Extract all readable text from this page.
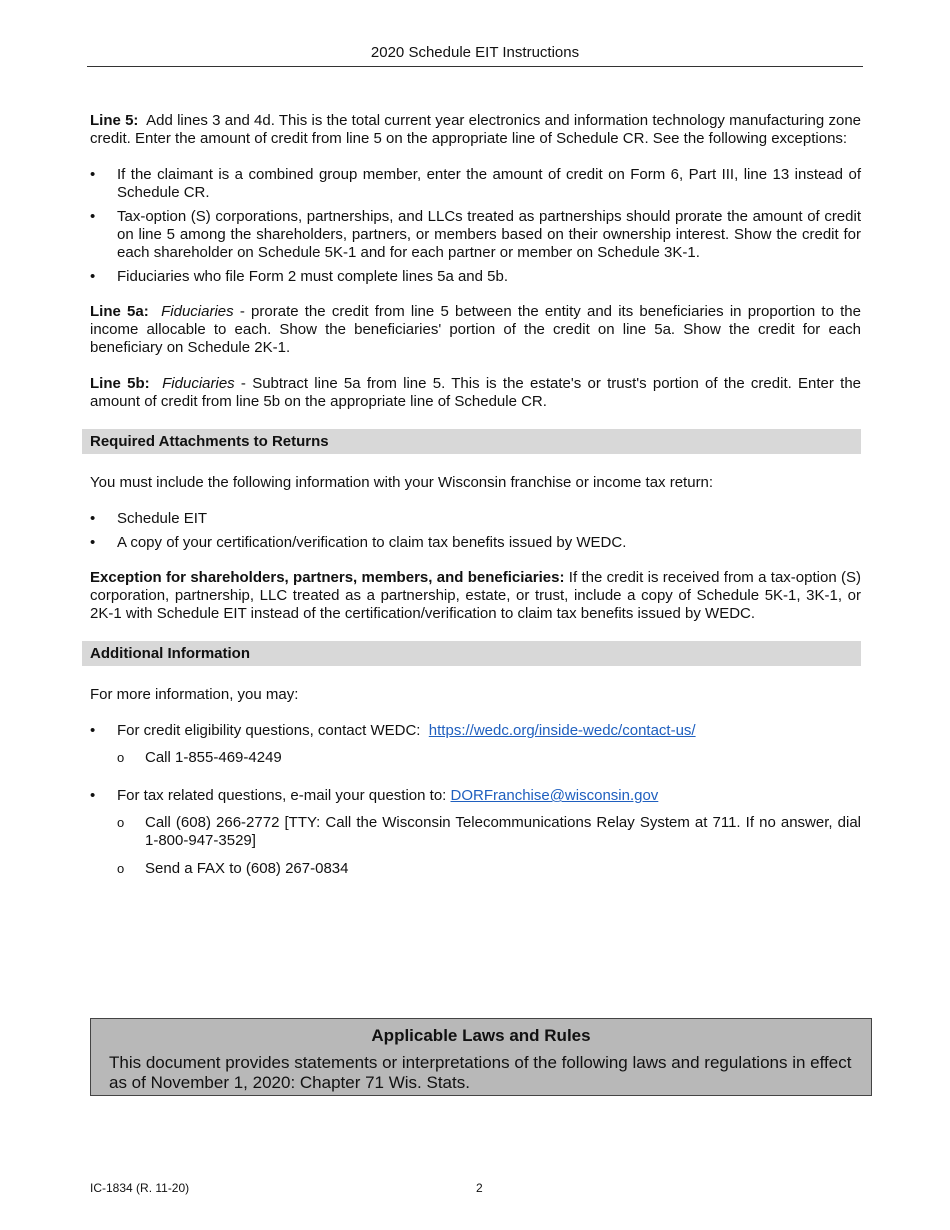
2020 Schedule EIT Instructions

Line 5: Add lines 3 and 4d. This is the total current year electronics and information technology manufacturing zone credit. Enter the amount of credit from line 5 on the appropriate line of Schedule CR. See the following exceptions:

•	If the claimant is a combined group member, enter the amount of credit on Form 6, Part III, line 13 instead of Schedule CR.
•	Tax-option (S) corporations, partnerships, and LLCs treated as partnerships should prorate the amount of credit on line 5 among the shareholders, partners, or members based on their ownership interest. Show the credit for each shareholder on Schedule 5K-1 and for each partner or member on Schedule 3K-1.
•	Fiduciaries who file Form 2 must complete lines 5a and 5b.

Line 5a: Fiduciaries - prorate the credit from line 5 between the entity and its beneficiaries in proportion to the income allocable to each. Show the beneficiaries' portion of the credit on line 5a. Show the credit for each beneficiary on Schedule 2K-1.

Line 5b: Fiduciaries - Subtract line 5a from line 5. This is the estate's or trust's portion of the credit. Enter the amount of credit from line 5b on the appropriate line of Schedule CR.

Required Attachments to Returns

You must include the following information with your Wisconsin franchise or income tax return:

•	Schedule EIT
•	A copy of your certification/verification to claim tax benefits issued by WEDC.

Exception for shareholders, partners, members, and beneficiaries: If the credit is received from a tax-option (S) corporation, partnership, LLC treated as a partnership, estate, or trust, include a copy of Schedule 5K-1, 3K-1, or 2K-1 with Schedule EIT instead of the certification/verification to claim tax benefits issued by WEDC.

Additional Information

For more information, you may:

•	For credit eligibility questions, contact WEDC: https://wedc.org/inside-wedc/contact-us/
o Call 1-855-469-4249
•	For tax related questions, e-mail your question to: DORFranchise@wisconsin.gov
o Call (608) 266-2772 [TTY: Call the Wisconsin Telecommunications Relay System at 711. If no answer, dial 1-800-947-3529]
o Send a FAX to (608) 267-0834
Applicable Laws and Rules
This document provides statements or interpretations of the following laws and regulations in effect as of November 1, 2020: Chapter 71 Wis. Stats.
IC-1834 (R. 11-20)	2
